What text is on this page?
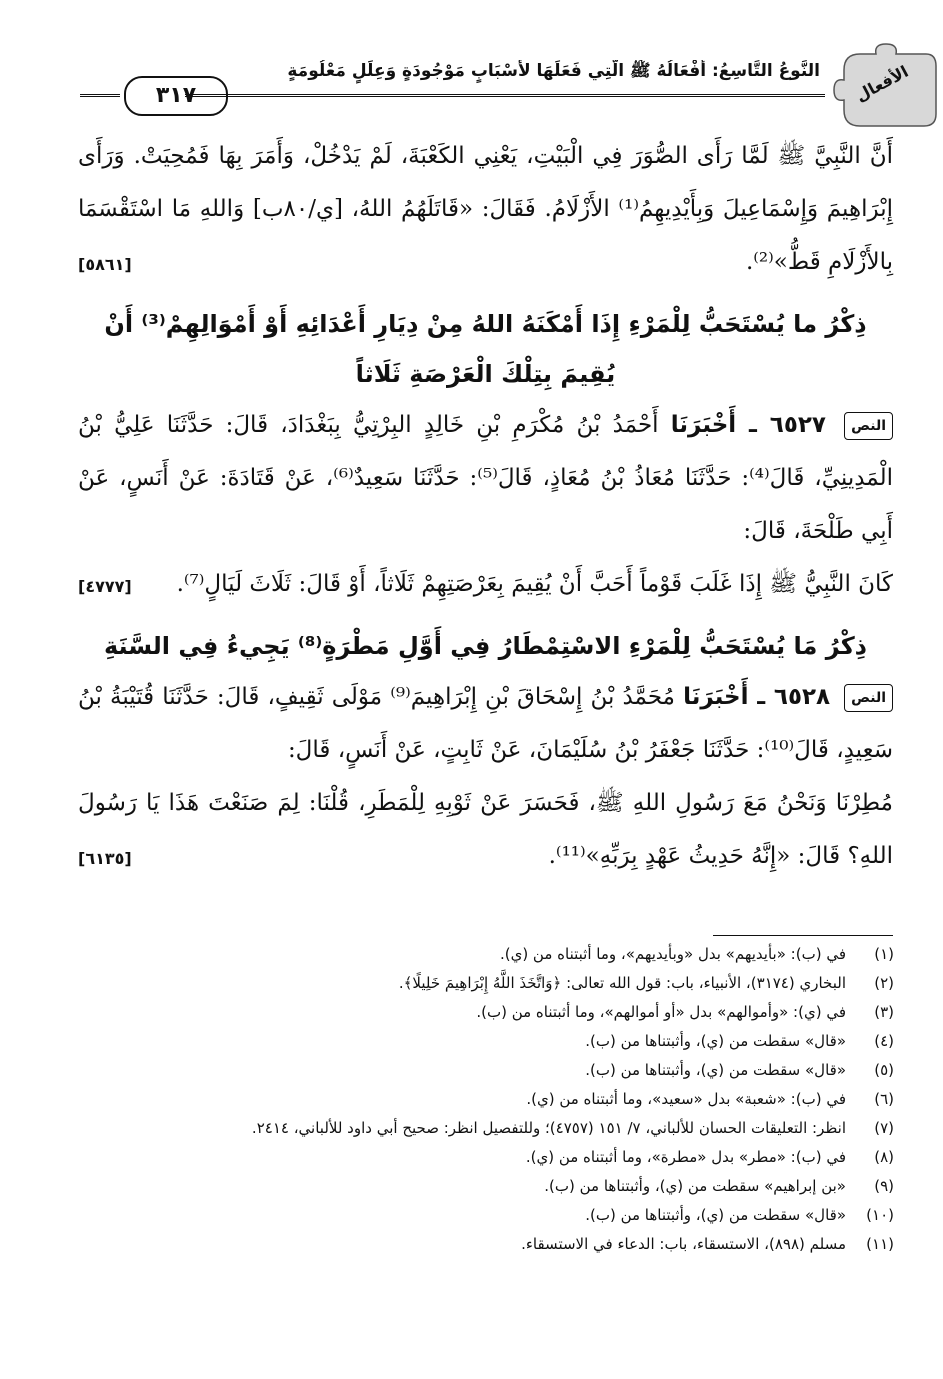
الأفعال
النَّوعُ التَّاسِعُ: أَفْعَالُهُ ﷺ الَّتِي فَعَلَهَا لأَسْبَابٍ مَوْجُودَةٍ وَعِلَلٍ مَعْلُومَةٍ
٣١٧

أَنَّ النَّبِيَّ ﷺ لَمَّا رَأَى الصُّوَرَ فِي الْبَيْتِ، يَعْنِي الكَعْبَةَ، لَمْ يَدْخُلْ، وَأَمَرَ بِهَا فَمُحِيَتْ. وَرَأَى إِبْرَاهِيمَ وَإِسْمَاعِيلَ وَبِأَيْدِيهِمُ⁽¹⁾ الأَزْلَامُ. فَقَالَ: «قَاتَلَهُمُ اللهُ، [ي/٨٠ب] وَاللهِ مَا اسْتَقْسَمَا بِالأَزْلَامِ قَطُّ»⁽²⁾.
[٥٨٦١]

ذِكْرُ ما يُسْتَحَبُّ لِلْمَرْءِ إِذَا أَمْكَنَهُ اللهُ مِنْ دِيَارِ أَعْدَائِهِ أَوْ أَمْوَالِهِمْ⁽³⁾ أَنْ يُقِيمَ بِتِلْكَ الْعَرْصَةِ ثَلَاثاً

النص ٦٥٢٧ ـ أَخْبَرَنَا أَحْمَدُ بْنُ مُكْرَمِ بْنِ خَالِدٍ البِرْتِيُّ بِبَغْدَادَ، قَالَ: حَدَّثَنَا عَلِيُّ بْنُ الْمَدِينِيِّ، قَالَ⁽⁴⁾: حَدَّثَنَا مُعَاذُ بْنُ مُعَاذٍ، قَالَ⁽⁵⁾: حَدَّثَنَا سَعِيدٌ⁽⁶⁾، عَنْ قَتَادَةَ: عَنْ أَنَسٍ، عَنْ أَبِي طَلْحَةَ، قَالَ:

كَانَ النَّبِيُّ ﷺ إِذَا غَلَبَ قَوْماً أَحَبَّ أَنْ يُقِيمَ بِعَرْصَتِهِمْ ثَلَاثاً، أَوْ قَالَ: ثَلَاثَ لَيَالٍ⁽⁷⁾.
[٤٧٧٧]

ذِكْرُ مَا يُسْتَحَبُّ لِلْمَرْءِ الاسْتِمْطَارُ فِي أَوَّلِ مَطْرَةٍ⁽⁸⁾ يَجِيءُ فِي السَّنَةِ

النص ٦٥٢٨ ـ أَخْبَرَنَا مُحَمَّدُ بْنُ إِسْحَاقَ بْنِ إِبْرَاهِيمَ⁽⁹⁾ مَوْلَى ثَقِيفٍ، قَالَ: حَدَّثَنَا قُتَيْبَةُ بْنُ سَعِيدٍ، قَالَ⁽¹⁰⁾: حَدَّثَنَا جَعْفَرُ بْنُ سُلَيْمَانَ، عَنْ ثَابِتٍ، عَنْ أَنَسٍ، قَالَ:

مُطِرْنَا وَنَحْنُ مَعَ رَسُولِ اللهِ ﷺ، فَحَسَرَ عَنْ ثَوْبِهِ لِلْمَطَرِ، قُلْنَا: لِمَ صَنَعْتَ هَذَا يَا رَسُولَ اللهِ؟ قَالَ: «إِنَّهُ حَدِيثُ عَهْدٍ بِرَبِّهِ»⁽¹¹⁾.
[٦١٣٥]

(١)
في (ب): «بأيديهم» بدل «وبأيديهم»، وما أثبتناه من (ي).

(٢)
البخاري (٣١٧٤)، الأنبياء، باب: قول الله تعالى: ﴿وَاتَّخَذَ اللَّهُ إِبْرَاهِيمَ خَلِيلًا﴾.

(٣)
في (ي): «وأموالهم» بدل «أو أموالهم»، وما أثبتناه من (ب).

(٤)
«قال» سقطت من (ي)، وأثبتناها من (ب).

(٥)
«قال» سقطت من (ي)، وأثبتناها من (ب).

(٦)
في (ب): «شعبة» بدل «سعيد»، وما أثبتناه من (ي).

(٧)
انظر: التعليقات الحسان للألباني، ٧/ ١٥١ (٤٧٥٧)؛ وللتفصيل انظر: صحيح أبي داود للألباني، ٢٤١٤.

(٨)
في (ب): «مطر» بدل «مطرة»، وما أثبتناه من (ي).

(٩)
«بن إبراهيم» سقطت من (ي)، وأثبتناها من (ب).

(١٠)
«قال» سقطت من (ي)، وأثبتناها من (ب).

(١١)
مسلم (٨٩٨)، الاستسقاء، باب: الدعاء في الاستسقاء.
